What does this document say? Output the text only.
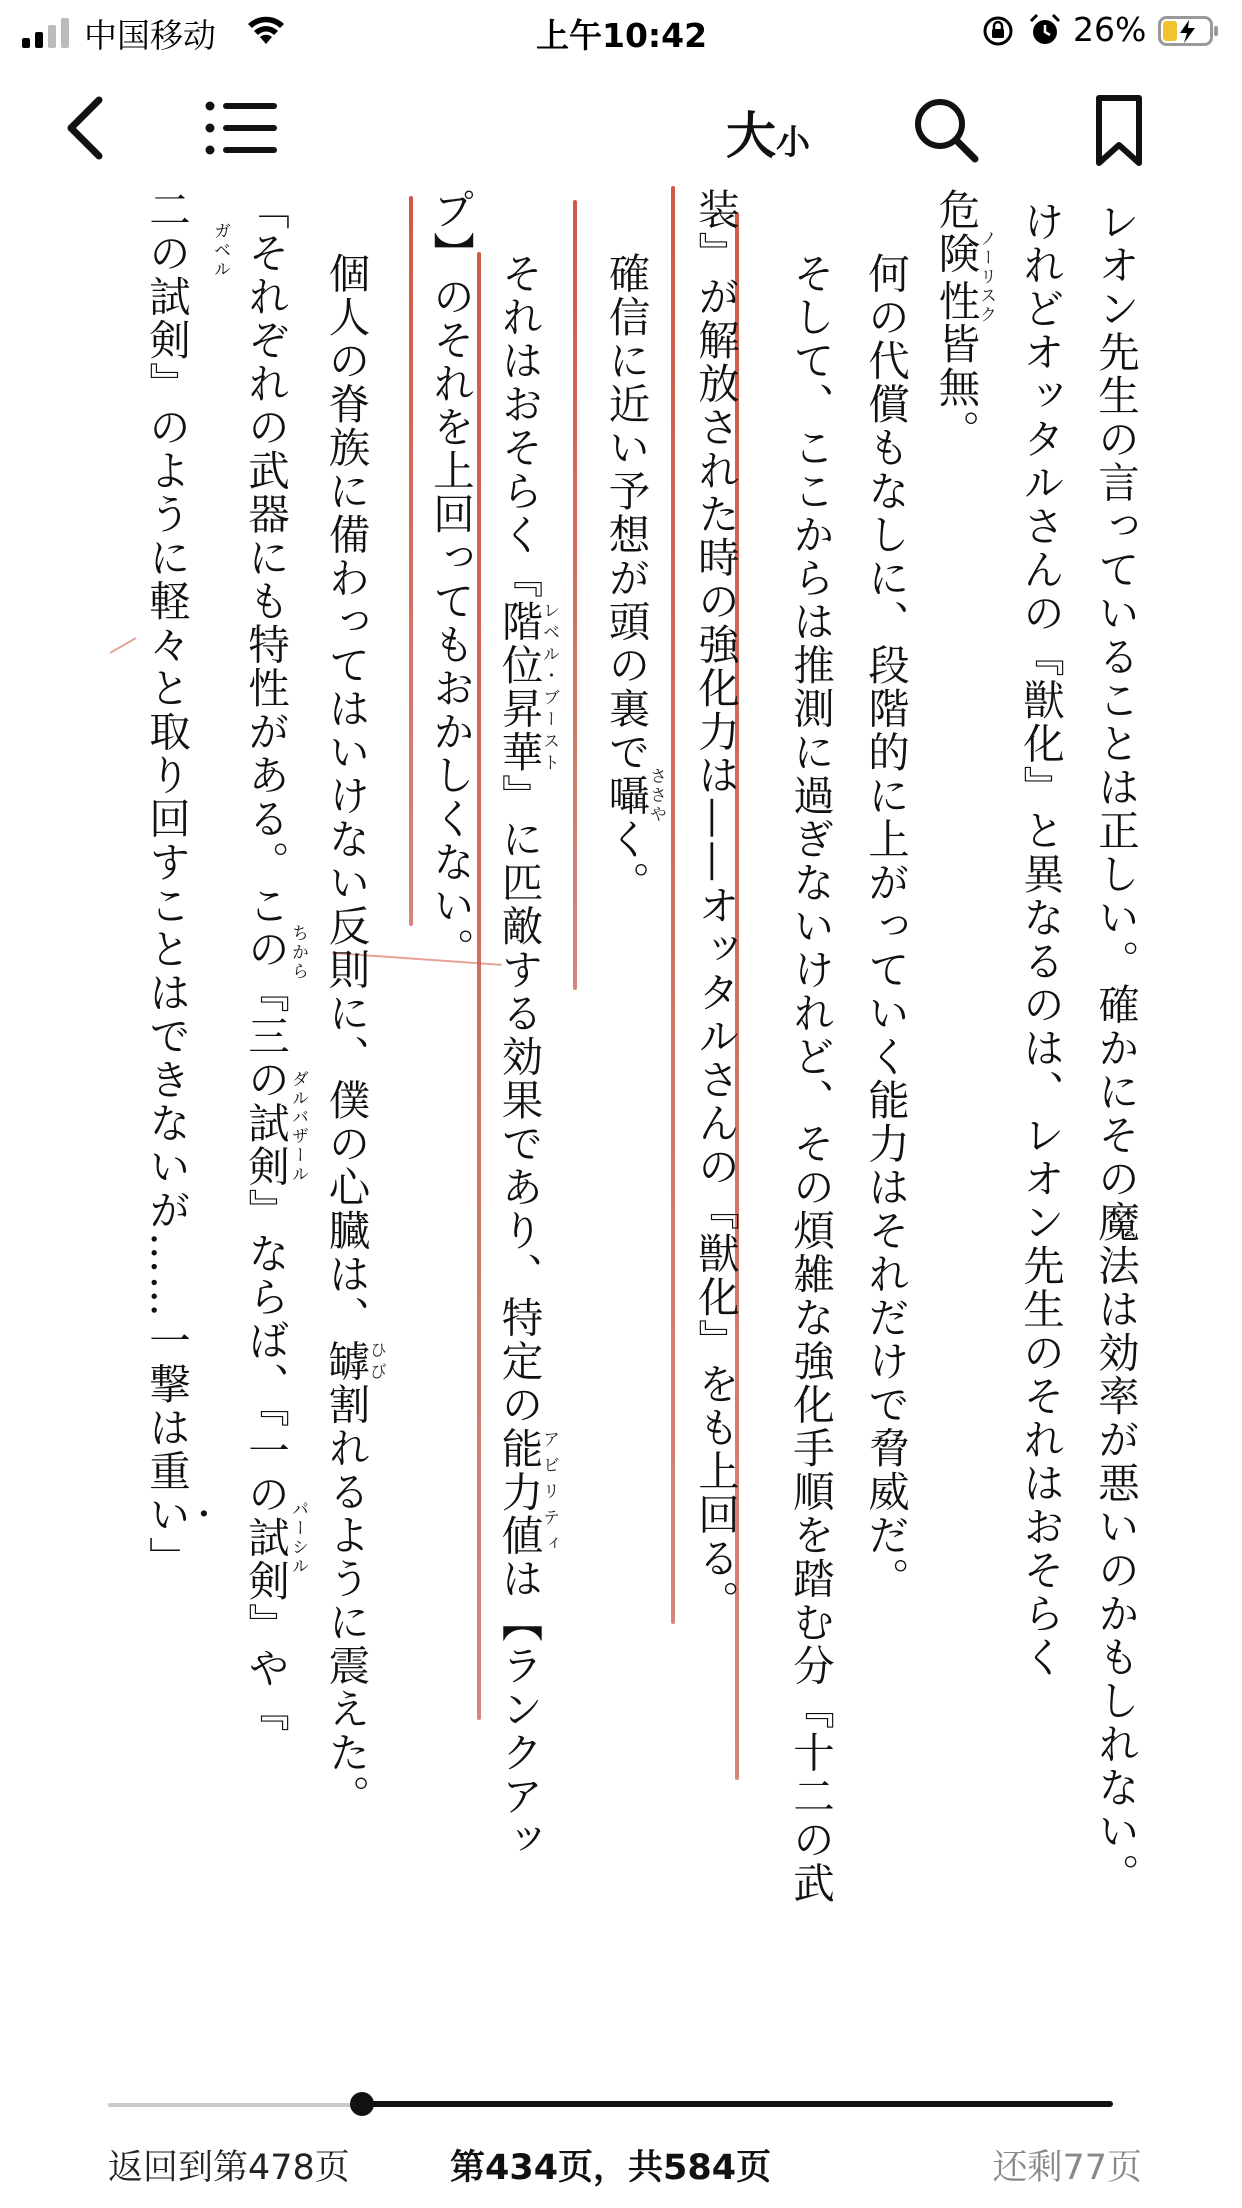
中国移动	上午10:42	26%
大 小
レオン先生の言っていることは正しい。確かにその魔法は効率が悪いのかもしれない。
けれどオッタルさんの『獣化』と異なるのは、レオン先生のそれはおそらく
危険性ノーリスク皆無。
何の代償もなしに、段階的に上がっていく能力はそれだけで脅威だ。
そして、ここからは推測に過ぎないけれど、その煩雑な強化手順を踏む分『十二の武
装』が解放された時の強化力は——オッタルさんの『獣化』をも上回る。
確信に近い予想が頭の裏で囁ささやく。
それはおそらく『階位昇華レベル・ブースト』に匹敵する効果であり、特定の能力値アビリティは【ランクアッ
プ】のそれを上回ってもおかしくない。
個人の脊族に備わってはいけない反則に、僕の心臓は、罅ひび割れるように震えた。
「それぞれの武器にも特性がある。この『三の試剣』ならば、『一の試剣』や『
ちから
ダルバザール
パーシル
二の試剣』のように軽々と取り回すことはできないが……一撃は重い」
ガベル
返回到第478页	第434页，共584页	还剩77页
